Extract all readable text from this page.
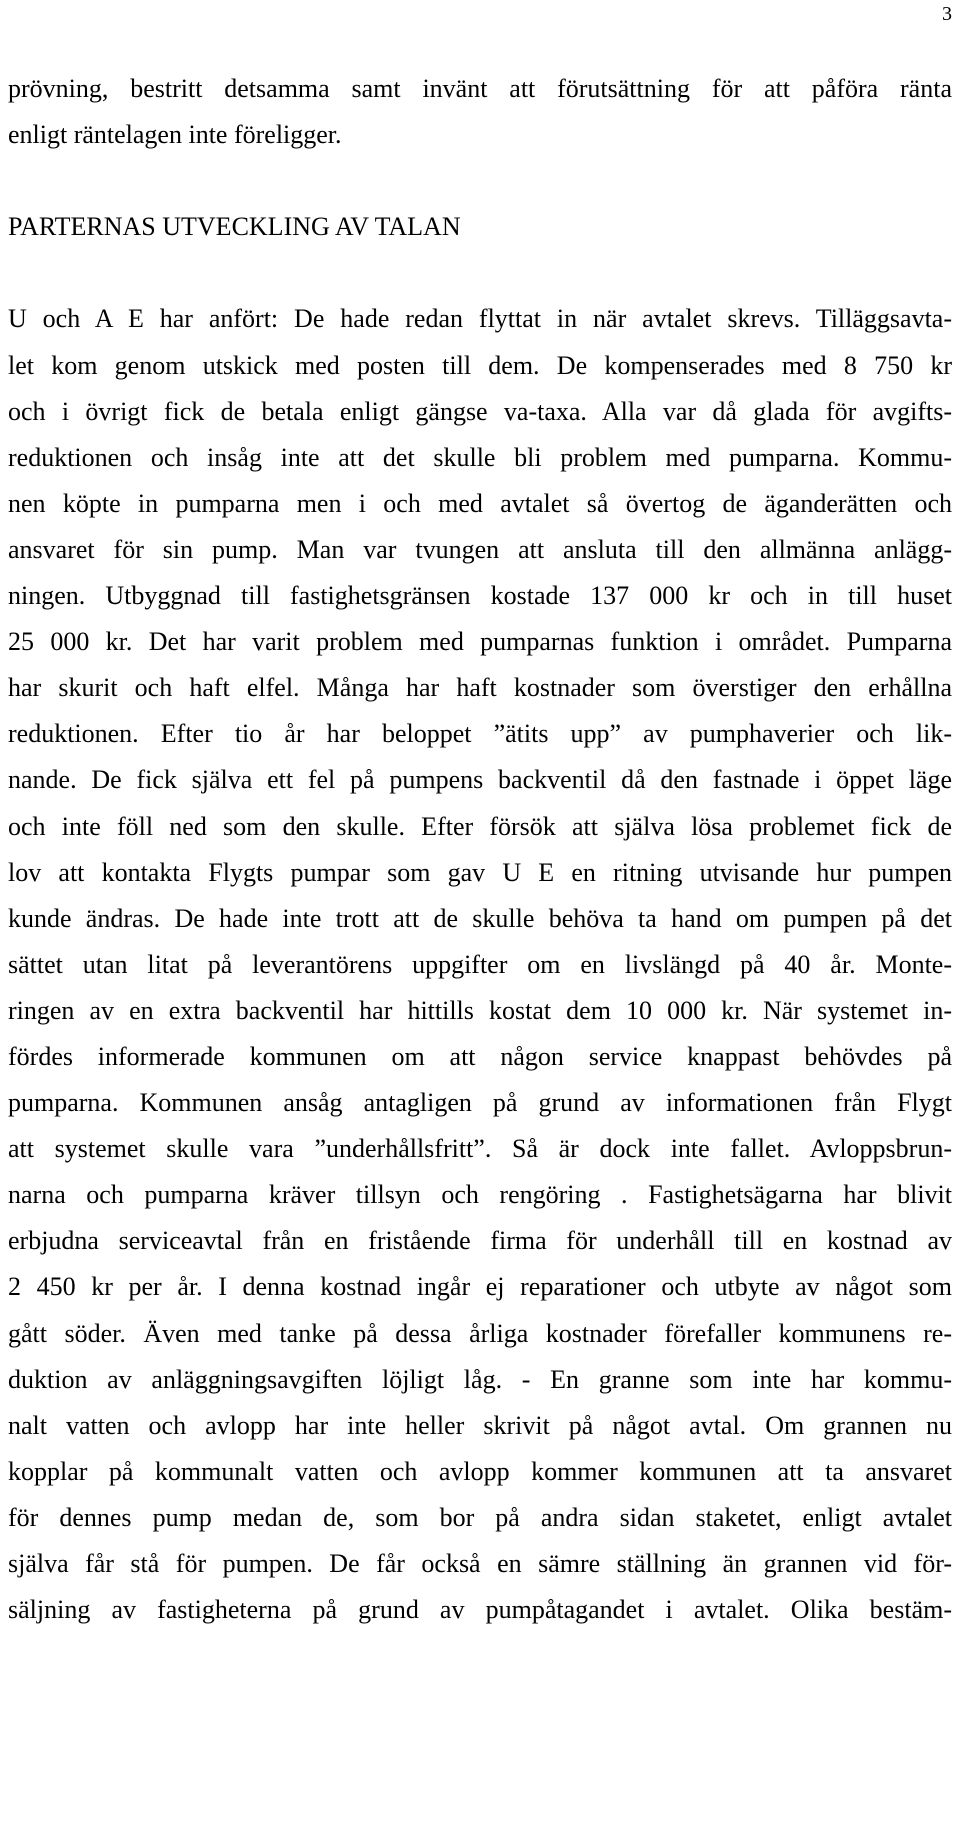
3
prövning, bestritt detsamma samt invänt att förutsättning för att påföra ränta
enligt räntelagen inte föreligger.
PARTERNAS UTVECKLING AV TALAN
U och A E har anfört: De hade redan flyttat in när avtalet skrevs. Tilläggsavta-
let kom genom utskick med posten till dem. De kompenserades med 8 750 kr
och i övrigt fick de betala enligt gängse va-taxa. Alla var då glada för avgifts-
reduktionen och insåg inte att det skulle bli problem med pumparna. Kommu-
nen köpte in pumparna men i och med avtalet så övertog de äganderätten och
ansvaret för sin pump. Man var tvungen att ansluta till den allmänna anlägg-
ningen. Utbyggnad till fastighetsgränsen kostade 137 000 kr och in till huset
25 000 kr. Det har varit problem med pumparnas funktion i området. Pumparna
har skurit och haft elfel. Många har haft kostnader som överstiger den erhållna
reduktionen. Efter tio år har beloppet ”ätits upp” av pumphaverier och lik-
nande. De fick själva ett fel på pumpens backventil då den fastnade i öppet läge
och inte föll ned som den skulle. Efter försök att själva lösa problemet fick de
lov att kontakta Flygts pumpar som gav U E en ritning utvisande hur pumpen
kunde ändras. De hade inte trott att de skulle behöva ta hand om pumpen på det
sättet utan litat på leverantörens uppgifter om en livslängd på 40 år. Monte-
ringen av en extra backventil har hittills kostat dem 10 000 kr. När systemet in-
fördes informerade kommunen om att någon service knappast behövdes på
pumparna. Kommunen ansåg antagligen på grund av informationen från Flygt
att systemet skulle vara ”underhållsfritt”. Så är dock inte fallet. Avloppsbrun-
narna och pumparna kräver tillsyn och rengöring . Fastighetsägarna har blivit
erbjudna serviceavtal från en fristående firma för underhåll till en kostnad av
2 450 kr per år. I denna kostnad ingår ej reparationer och utbyte av något som
gått söder. Även med tanke på dessa årliga kostnader förefaller kommunens re-
duktion av anläggningsavgiften löjligt låg. - En granne som inte har kommu-
nalt vatten och avlopp har inte heller skrivit på något avtal. Om grannen nu
kopplar på kommunalt vatten och avlopp kommer kommunen att ta ansvaret
för dennes pump medan de, som bor på andra sidan staketet, enligt avtalet
själva får stå för pumpen. De får också en sämre ställning än grannen vid för-
säljning av fastigheterna på grund av pumpåtagandet i avtalet. Olika bestäm-
